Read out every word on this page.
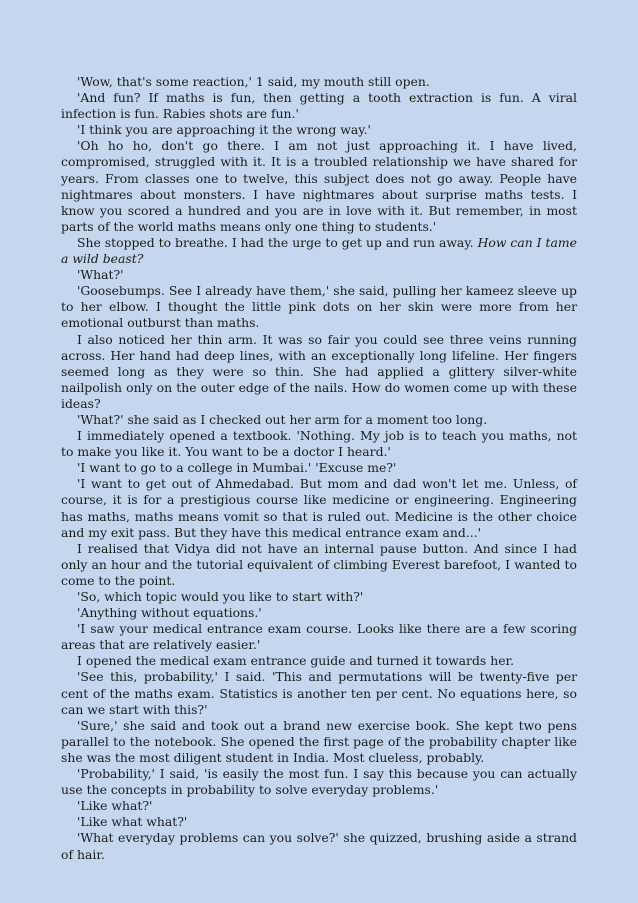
'Wow, that's some reaction,' 1 said, my mouth still open.

'And fun? If maths is fun, then getting a tooth extraction is fun. A viral infection is fun. Rabies shots are fun.'

'I think you are approaching it the wrong way.'

'Oh ho ho, don't go there. I am not just approaching it. I have lived, compromised, struggled with it. It is a troubled relationship we have shared for years. From classes one to twelve, this subject does not go away. People have nightmares about monsters. I have nightmares about surprise maths tests. I know you scored a hundred and you are in love with it. But remember, in most parts of the world maths means only one thing to students.'

She stopped to breathe. I had the urge to get up and run away. How can I tame a wild beast?

'What?'

'Goosebumps. See I already have them,' she said, pulling her kameez sleeve up to her elbow. I thought the little pink dots on her skin were more from her emotional outburst than maths.

I also noticed her thin arm. It was so fair you could see three veins running across. Her hand had deep lines, with an exceptionally long lifeline. Her fingers seemed long as they were so thin. She had applied a glittery silver-white nailpolish only on the outer edge of the nails. How do women come up with these ideas?

'What?' she said as I checked out her arm for a moment too long.

I immediately opened a textbook. 'Nothing. My job is to teach you maths, not to make you like it. You want to be a doctor I heard.'

'I want to go to a college in Mumbai.' 'Excuse me?'

'I want to get out of Ahmedabad. But mom and dad won't let me. Unless, of course, it is for a prestigious course like medicine or engineering. Engineering has maths, maths means vomit so that is ruled out. Medicine is the other choice and my exit pass. But they have this medical entrance exam and...'

I realised that Vidya did not have an internal pause button. And since I had only an hour and the tutorial equivalent of climbing Everest barefoot, I wanted to come to the point.

'So, which topic would you like to start with?'

'Anything without equations.'

'I saw your medical entrance exam course. Looks like there are a few scoring areas that are relatively easier.'

I opened the medical exam entrance guide and turned it towards her.

'See this, probability,' I said. 'This and permutations will be twenty-five per cent of the maths exam. Statistics is another ten per cent. No equations here, so can we start with this?'

'Sure,' she said and took out a brand new exercise book. She kept two pens parallel to the notebook. She opened the first page of the probability chapter like she was the most diligent student in India. Most clueless, probably.

'Probability,' I said, 'is easily the most fun. I say this because you can actually use the concepts in probability to solve everyday problems.'

'Like what?'

'Like what what?'

'What everyday problems can you solve?' she quizzed, brushing aside a strand of hair.
